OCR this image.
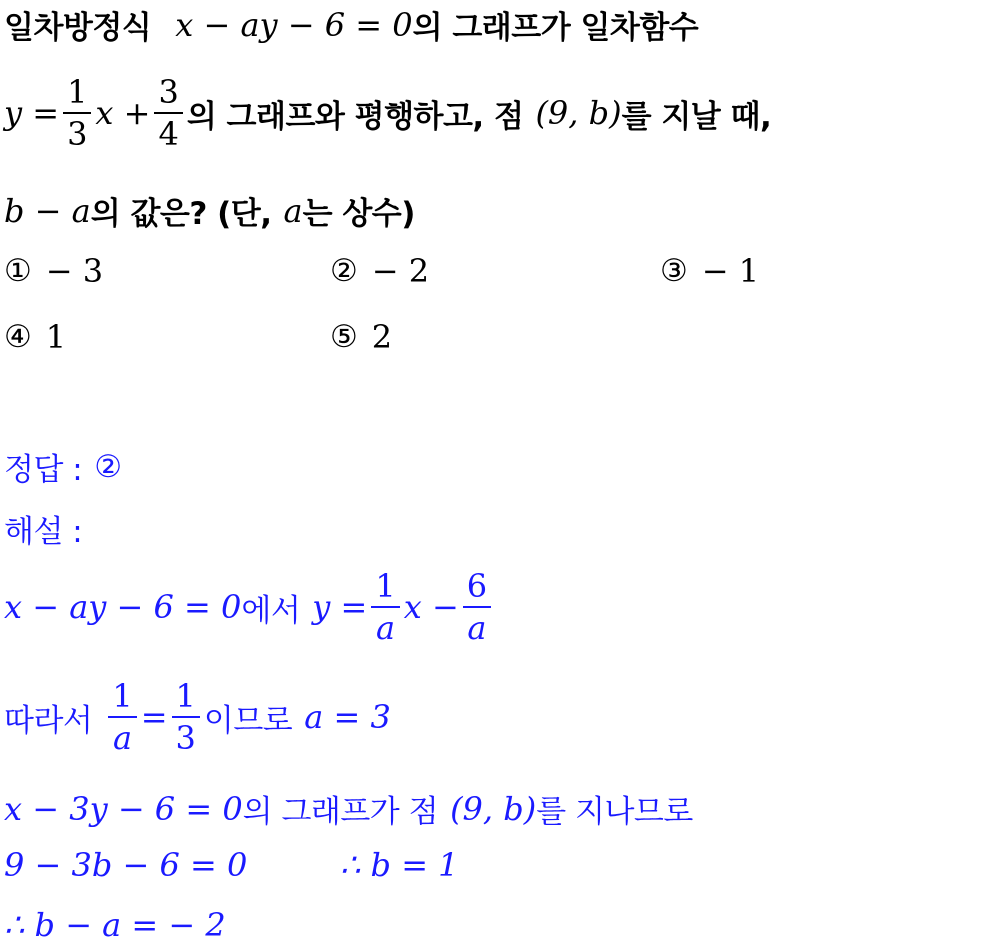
일차방정식 x − ay − 6 = 0 의 그래프가 일차함수
$y = \frac{1}{3}$ $x + \frac{3}{4}$ 의 그래프와 평행하고, 점 (9, b) 를 지날 때,
b − a 의 값은? (단, a 는 상수)
① − 3	② − 2	③ − 1
④ 1	⑤ 2
정답 : ②
해설 :
x − ay − 6 = 0 에서 $y = \frac{1}{a}$ $x - \frac{6}{a}$
따라서 $\frac{1}{a} = \frac{1}{3}$ 이므로 a = 3
x − 3y − 6 = 0 의 그래프가 점 (9, b) 를 지나므로
9 − 3b − 6 = 0	∴ b = 1
∴ b − a = − 2
